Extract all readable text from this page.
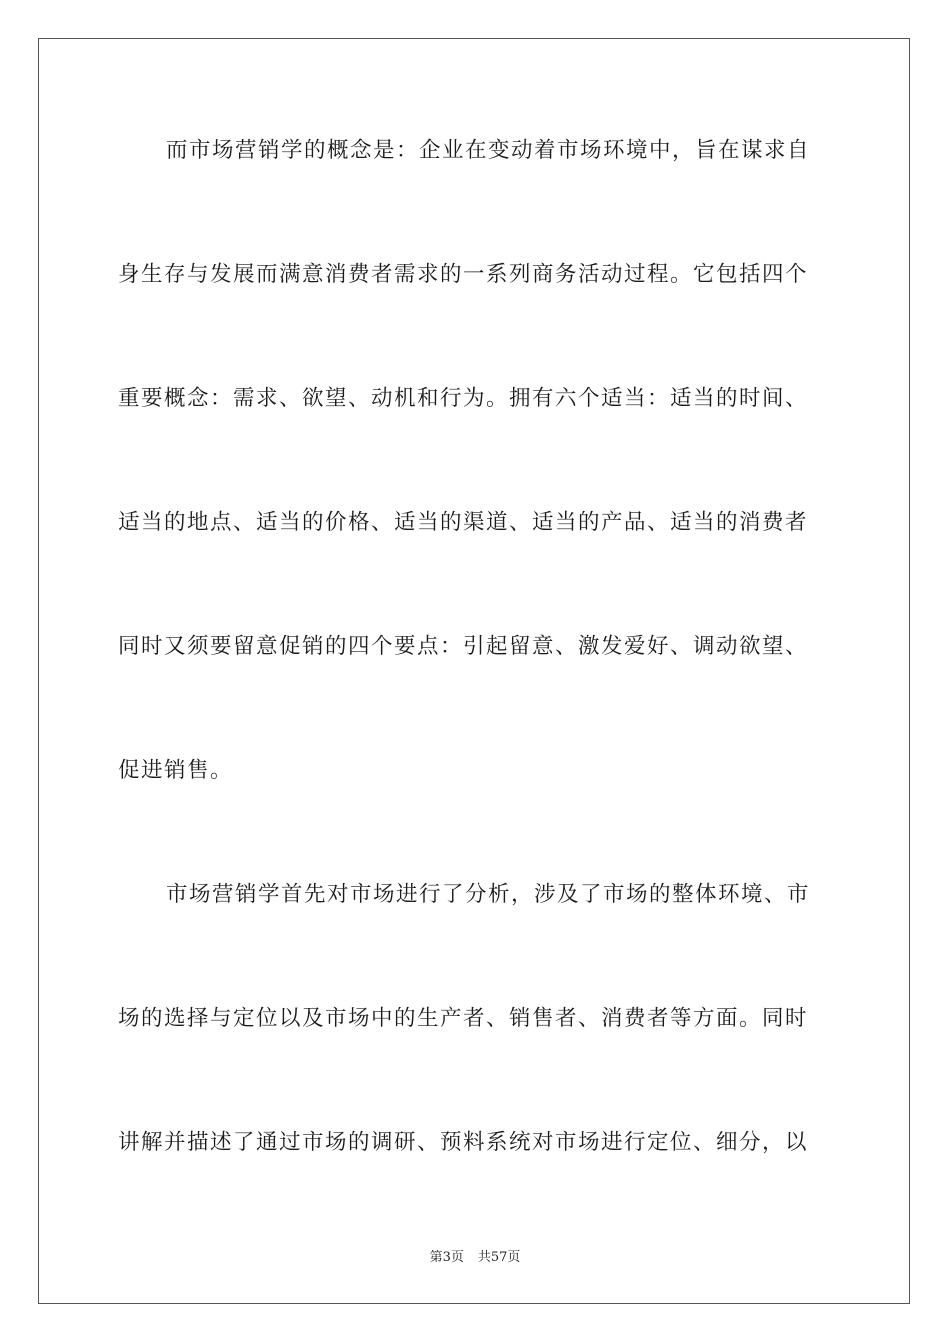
而市场营销学的概念是：企业在变动着市场环境中，旨在谋求自
身生存与发展而满意消费者需求的一系列商务活动过程。它包括四个
重要概念：需求、欲望、动机和行为。拥有六个适当：适当的时间、
适当的地点、适当的价格、适当的渠道、适当的产品、适当的消费者
同时又须要留意促销的四个要点：引起留意、激发爱好、调动欲望、
促进销售。
市场营销学首先对市场进行了分析，涉及了市场的整体环境、市
场的选择与定位以及市场中的生产者、销售者、消费者等方面。同时
讲解并描述了通过市场的调研、预料系统对市场进行定位、细分，以
第3页 共57页
